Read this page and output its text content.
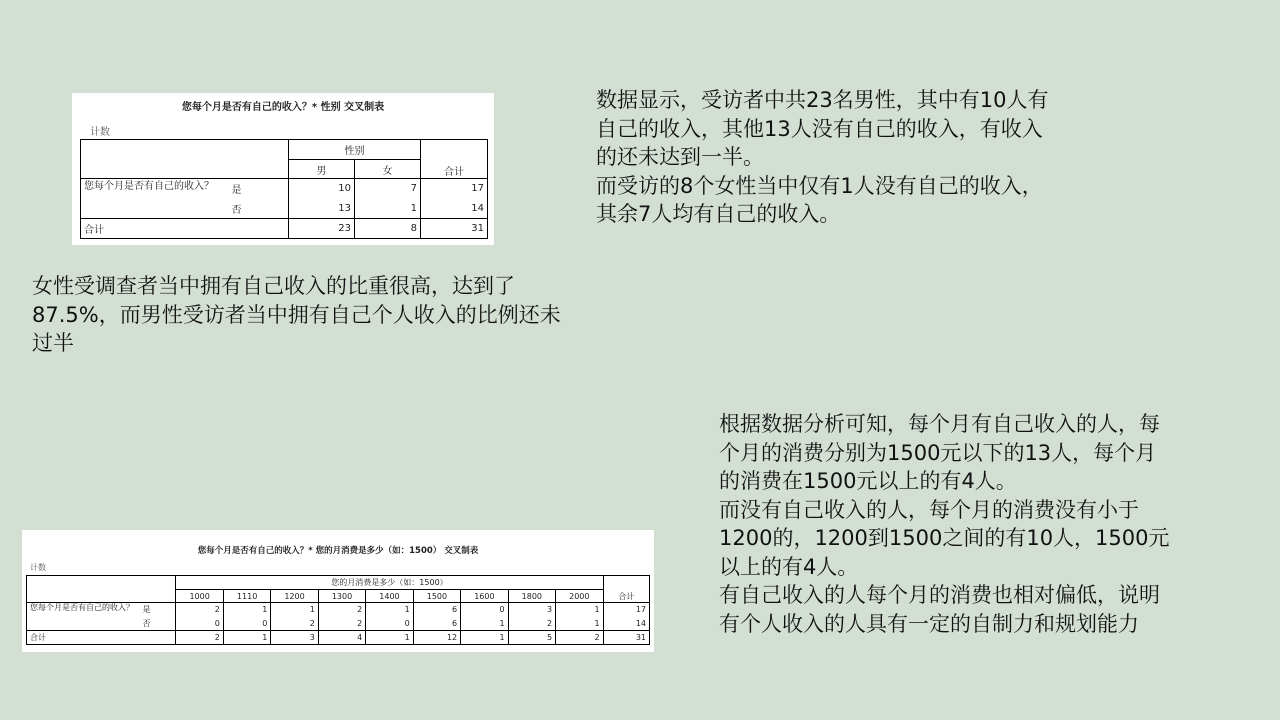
数据显示，受访者中共23名男性，其中有10人有
自己的收入，其他13人没有自己的收入，有收入
的还未达到一半。
而受访的8个女性当中仅有1人没有自己的收入，
其余7人均有自己的收入。
您每个月是否有自己的收入？* 性别 交叉制表
计数
		性别		合计
		男	女	
您每个月是否有自己的收入？	是	10	7	17
	否	13	1	14
合计		23	8	31
女性受调查者当中拥有自己收入的比重很高，达到了
87.5%，而男性受访者当中拥有自己个人收入的比例还未
过半
根据数据分析可知，每个月有自己收入的人，每
个月的消费分别为1500元以下的13人，每个月
的消费在1500元以上的有4人。
而没有自己收入的人，每个月的消费没有小于
1200的，1200到1500之间的有10人，1500元
以上的有4人。
有自己收入的人每个月的消费也相对偏低，说明
有个人收入的人具有一定的自制力和规划能力
您每个月是否有自己的收入？* 您的月消费是多少（如：1500） 交叉制表
计数
		您的月消费是多少（如：1500）									合计
		1000	1110	1200	1300	1400	1500	1600	1800	2000	
您每个月是否有自己的收入？	是	2	1	1	2	1	6	0	3	1	17
	否	0	0	2	2	0	6	1	2	1	14
合计		2	1	3	4	1	12	1	5	2	31
